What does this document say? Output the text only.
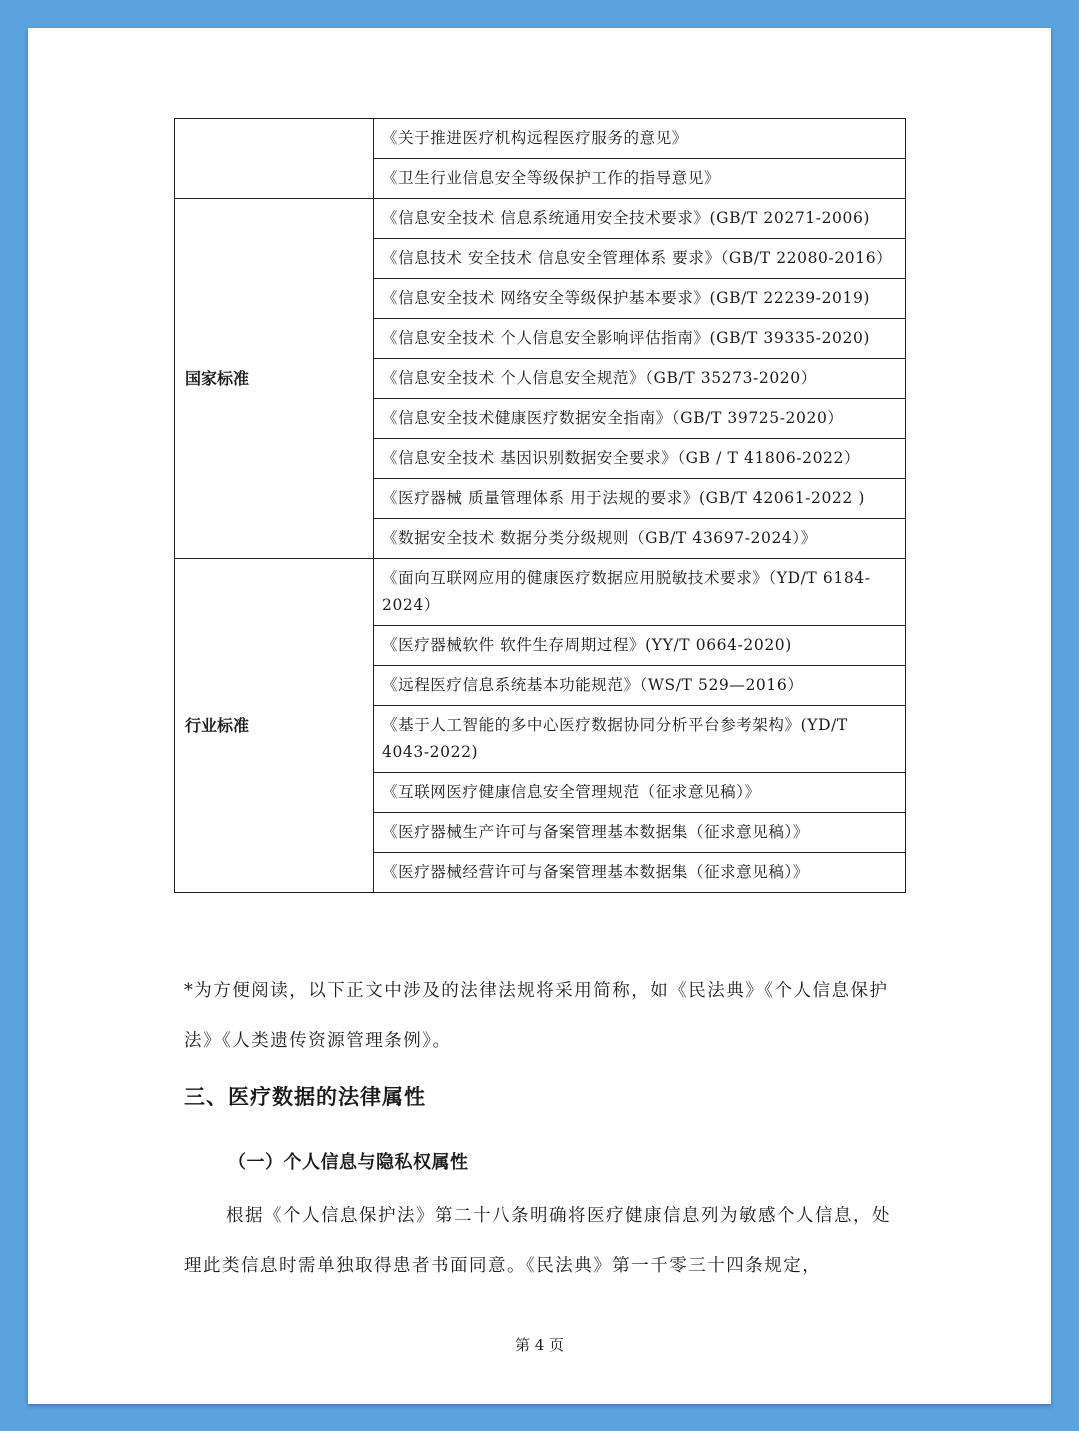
	《关于推进医疗机构远程医疗服务的意见》
	《卫生行业信息安全等级保护工作的指导意见》
国家标准	《信息安全技术 信息系统通用安全技术要求》(GB/T 20271-2006)
	《信息技术 安全技术 信息安全管理体系 要求》（GB/T 22080-2016）
	《信息安全技术 网络安全等级保护基本要求》(GB/T 22239-2019)
	《信息安全技术 个人信息安全影响评估指南》(GB/T 39335-2020)
	《信息安全技术 个人信息安全规范》（GB/T 35273-2020）
	《信息安全技术健康医疗数据安全指南》（GB/T 39725-2020）
	《信息安全技术 基因识别数据安全要求》（GB / T 41806-2022）
	《医疗器械 质量管理体系 用于法规的要求》(GB/T 42061-2022 )
	《数据安全技术 数据分类分级规则（GB/T 43697-2024）》
行业标准	《面向互联网应用的健康医疗数据应用脱敏技术要求》（YD/T 6184-2024）
	《医疗器械软件 软件生存周期过程》(YY/T 0664-2020)
	《远程医疗信息系统基本功能规范》（WS/T 529—2016）
	《基于人工智能的多中心医疗数据协同分析平台参考架构》(YD/T 4043-2022)
	《互联网医疗健康信息安全管理规范（征求意见稿）》
	《医疗器械生产许可与备案管理基本数据集（征求意见稿）》
	《医疗器械经营许可与备案管理基本数据集（征求意见稿）》

*为方便阅读，以下正文中涉及的法律法规将采用简称，如《民法典》《个人信息保护法》《人类遗传资源管理条例》。

三、医疗数据的法律属性
（一）个人信息与隐私权属性

根据《个人信息保护法》第二十八条明确将医疗健康信息列为敏感个人信息，处理此类信息时需单独取得患者书面同意。《民法典》第一千零三十四条规定，

第 4 页
